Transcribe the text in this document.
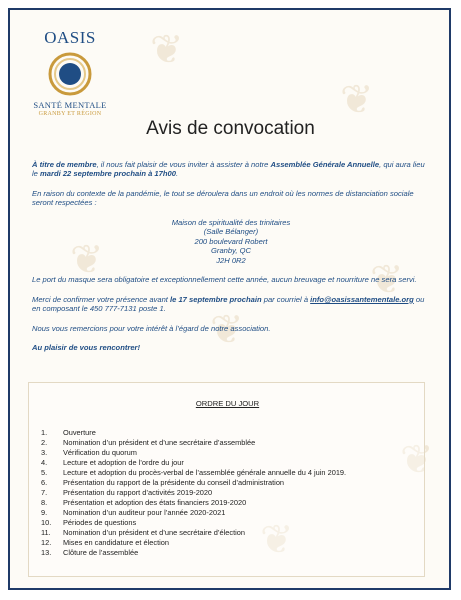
❦
❦
❦	❦
❦
❦
❦
OASIS
SANTÉ MENTALE
GRANBY ET RÉGION
Avis de convocation

À titre de membre, il nous fait plaisir de vous inviter à assister à notre Assemblée Générale Annuelle, qui aura lieu le mardi 22 septembre prochain à 17h00.

En raison du contexte de la pandémie, le tout se déroulera dans un endroit où les normes de distanciation sociale seront respectées :

Maison de spiritualité des trinitaires
(Salle Bélanger)
200 boulevard Robert
Granby, QC
J2H 0R2

Le port du masque sera obligatoire et exceptionnellement cette année, aucun breuvage et nourriture ne sera servi.

Merci de confirmer votre présence avant le 17 septembre prochain par courriel à info@oasissantementale.org ou en composant le 450 777-7131 poste 1.

Nous vous remercions pour votre intérêt à l’égard de notre association.

Au plaisir de vous rencontrer!

ORDRE DU JOUR
1.	Ouverture
2.	Nomination d’un président et d’une secrétaire d’assemblée
3.	Vérification du quorum
4.	Lecture et adoption de l’ordre du jour
5.	Lecture et adoption du procès-verbal de l’assemblée générale annuelle du 4 juin 2019.
6.	Présentation du rapport de la présidente du conseil d’administration
7.	Présentation du rapport d’activités 2019-2020
8.	Présentation et adoption des états financiers 2019-2020
9.	Nomination d’un auditeur pour l’année 2020-2021
10.	Périodes de questions
11.	Nomination d’un président et d’une secrétaire d’élection
12.	Mises en candidature et élection
13.	Clôture de l’assemblée
